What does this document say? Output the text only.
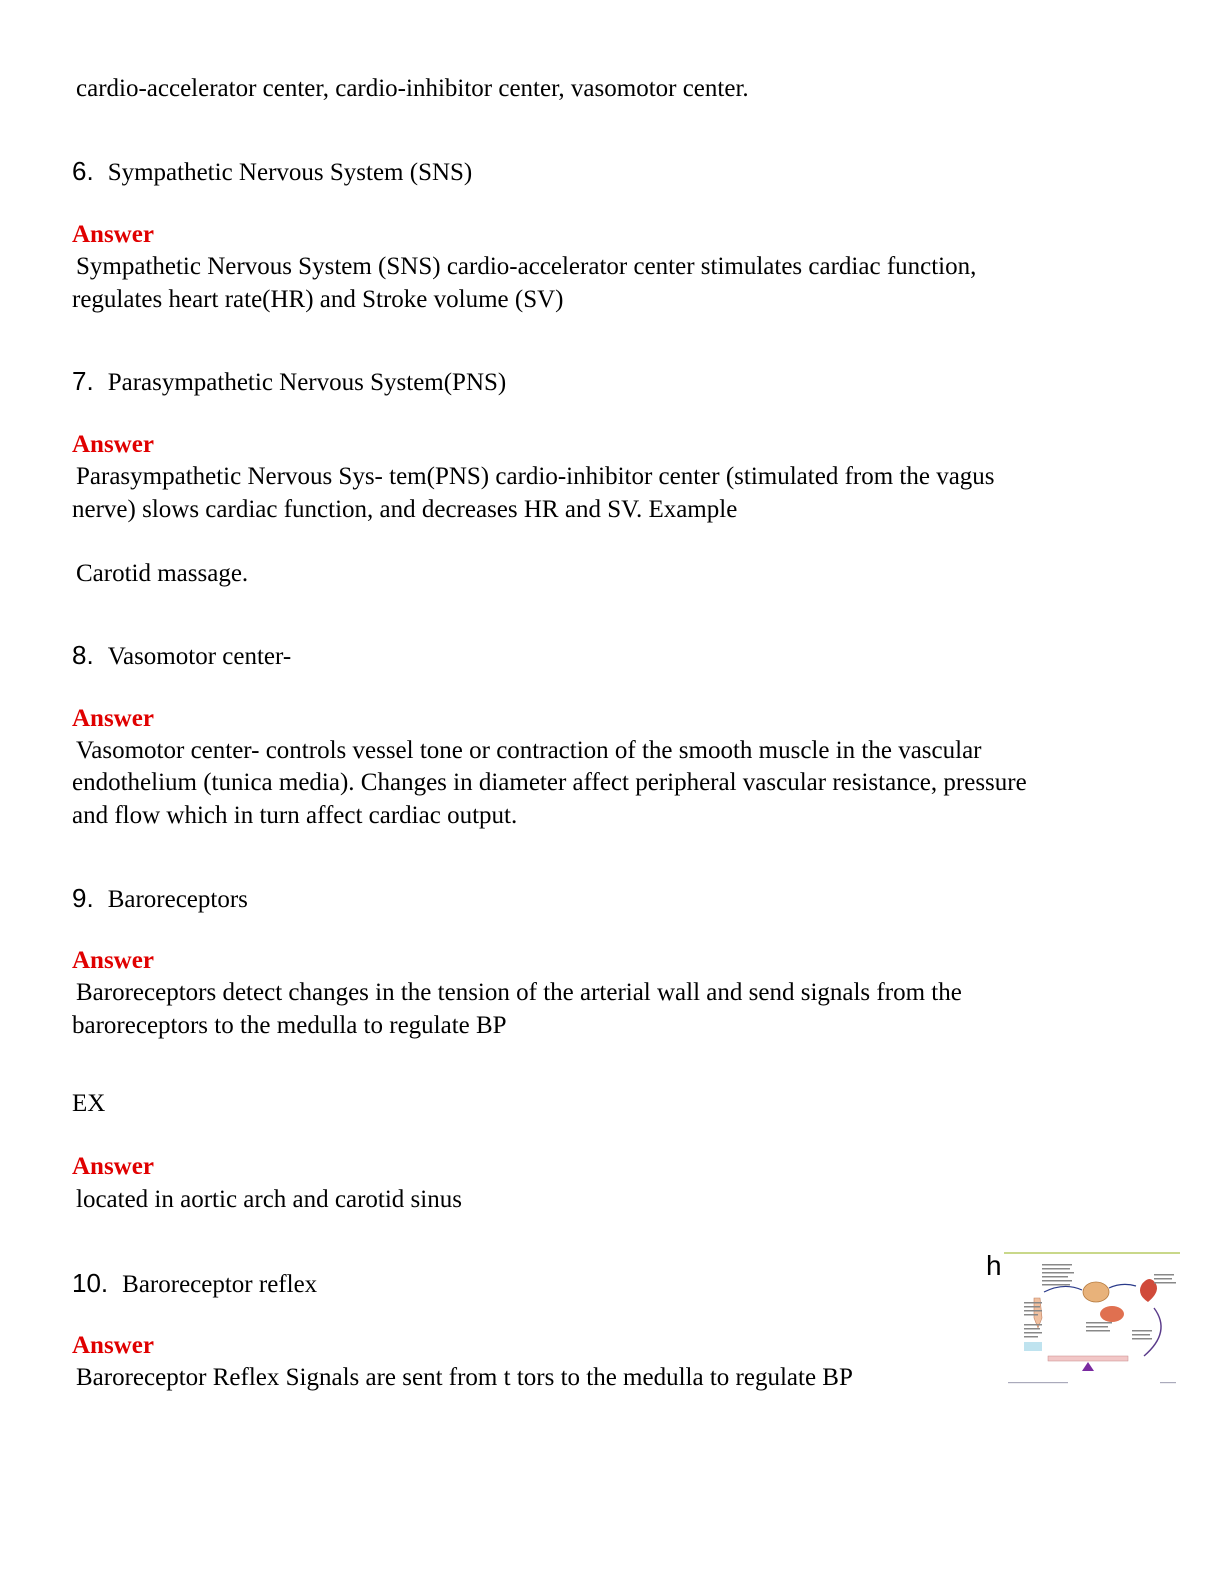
cardio-accelerator center, cardio-inhibitor center, vasomotor center.
6. Sympathetic Nervous System (SNS)
Answer
Sympathetic Nervous System (SNS) cardio-accelerator center stimulates cardiac function,
regulates heart rate(HR) and Stroke volume (SV)
7. Parasympathetic Nervous System(PNS)
Answer
Parasympathetic Nervous Sys- tem(PNS) cardio-inhibitor center (stimulated from the vagus
nerve) slows cardiac function, and decreases HR and SV. Example
Carotid massage.
8. Vasomotor center-
Answer
Vasomotor center- controls vessel tone or contraction of the smooth muscle in the vascular
endothelium (tunica media). Changes in diameter affect peripheral vascular resistance, pressure
and flow which in turn affect cardiac output.
9. Baroreceptors
Answer
Baroreceptors detect changes in the tension of the arterial wall and send signals from the
baroreceptors to the medulla to regulate BP
EX
Answer
located in aortic arch and carotid sinus
10. Baroreceptor reflex
Answer
Baroreceptor Reflex Signals are sent from t tors to the medulla to regulate BP
h
